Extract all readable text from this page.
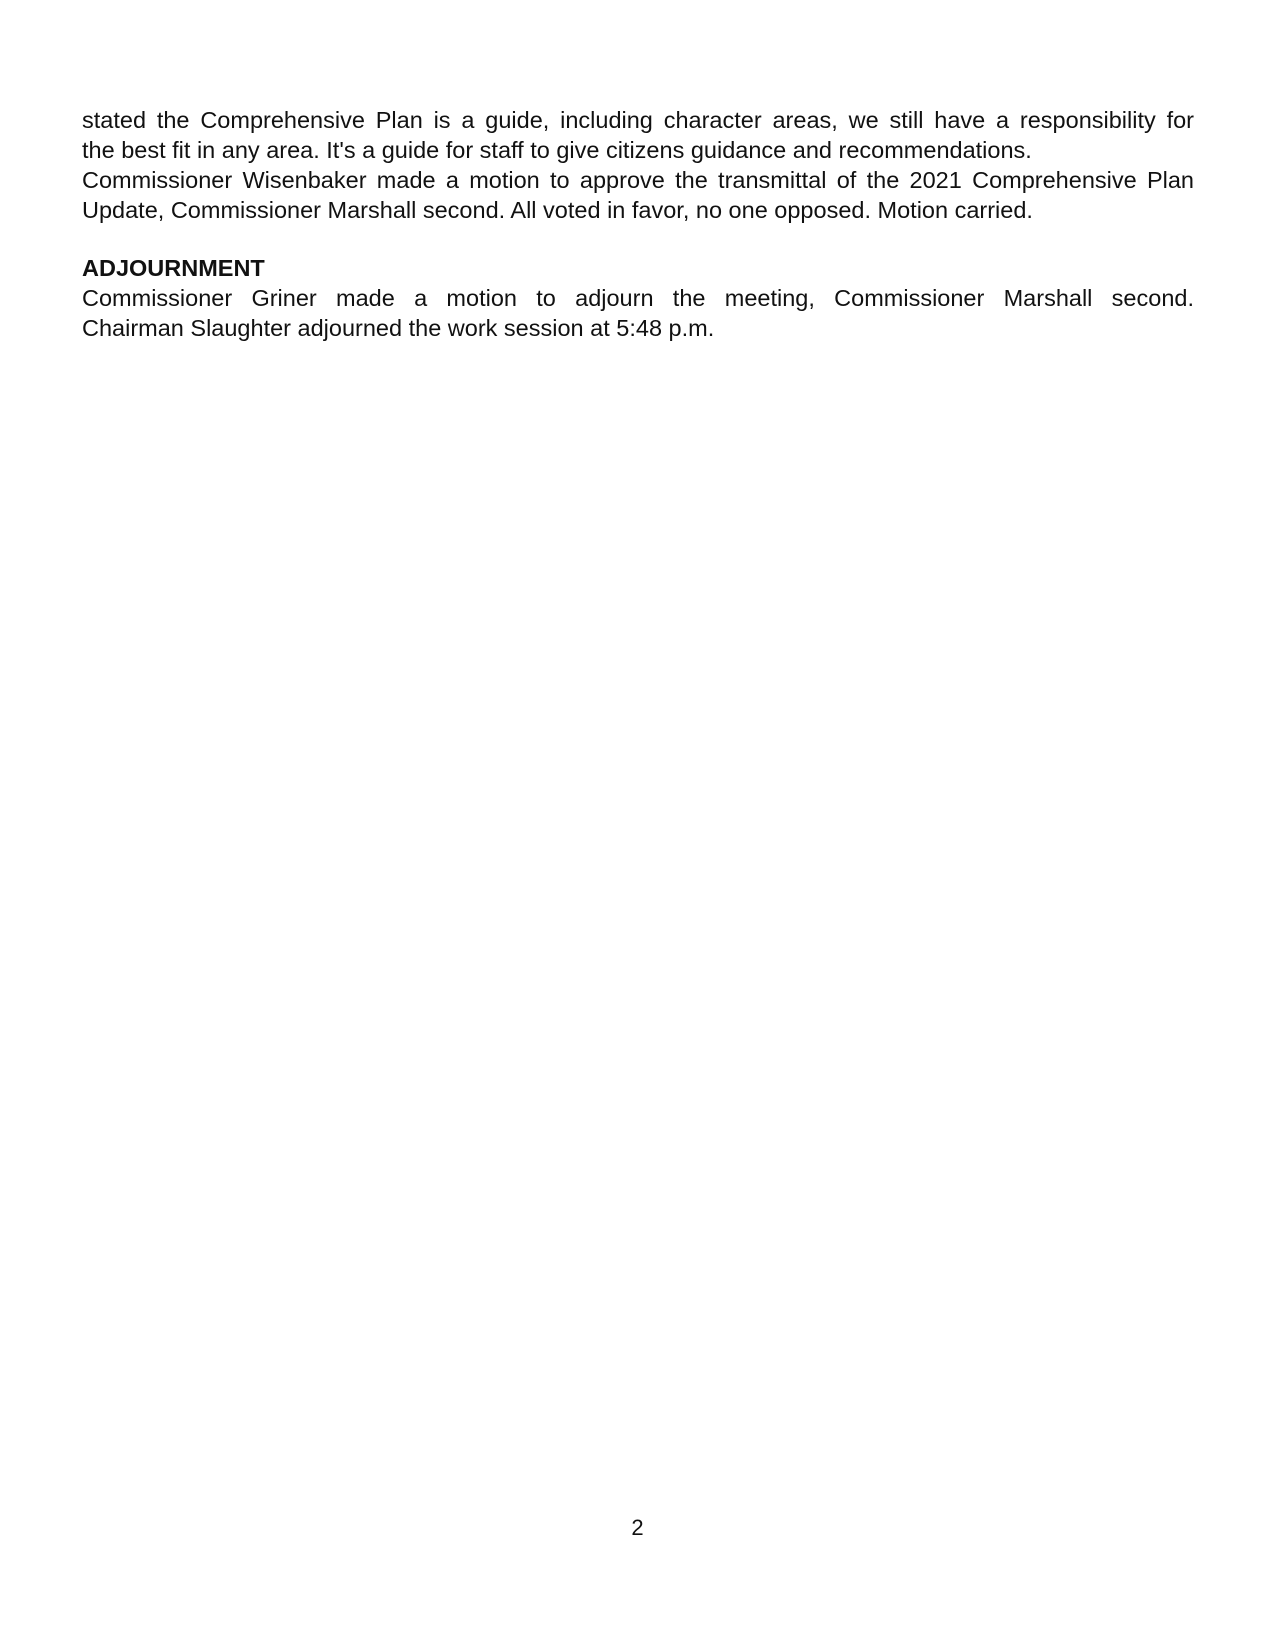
stated the Comprehensive Plan is a guide, including character areas, we still have a responsibility for
the best fit in any area. It's a guide for staff to give citizens guidance and recommendations.
Commissioner Wisenbaker made a motion to approve the transmittal of the 2021 Comprehensive Plan
Update, Commissioner Marshall second. All voted in favor, no one opposed. Motion carried.

ADJOURNMENT

Commissioner Griner made a motion to adjourn the meeting, Commissioner Marshall second.
Chairman Slaughter adjourned the work session at 5:48 p.m.

2
